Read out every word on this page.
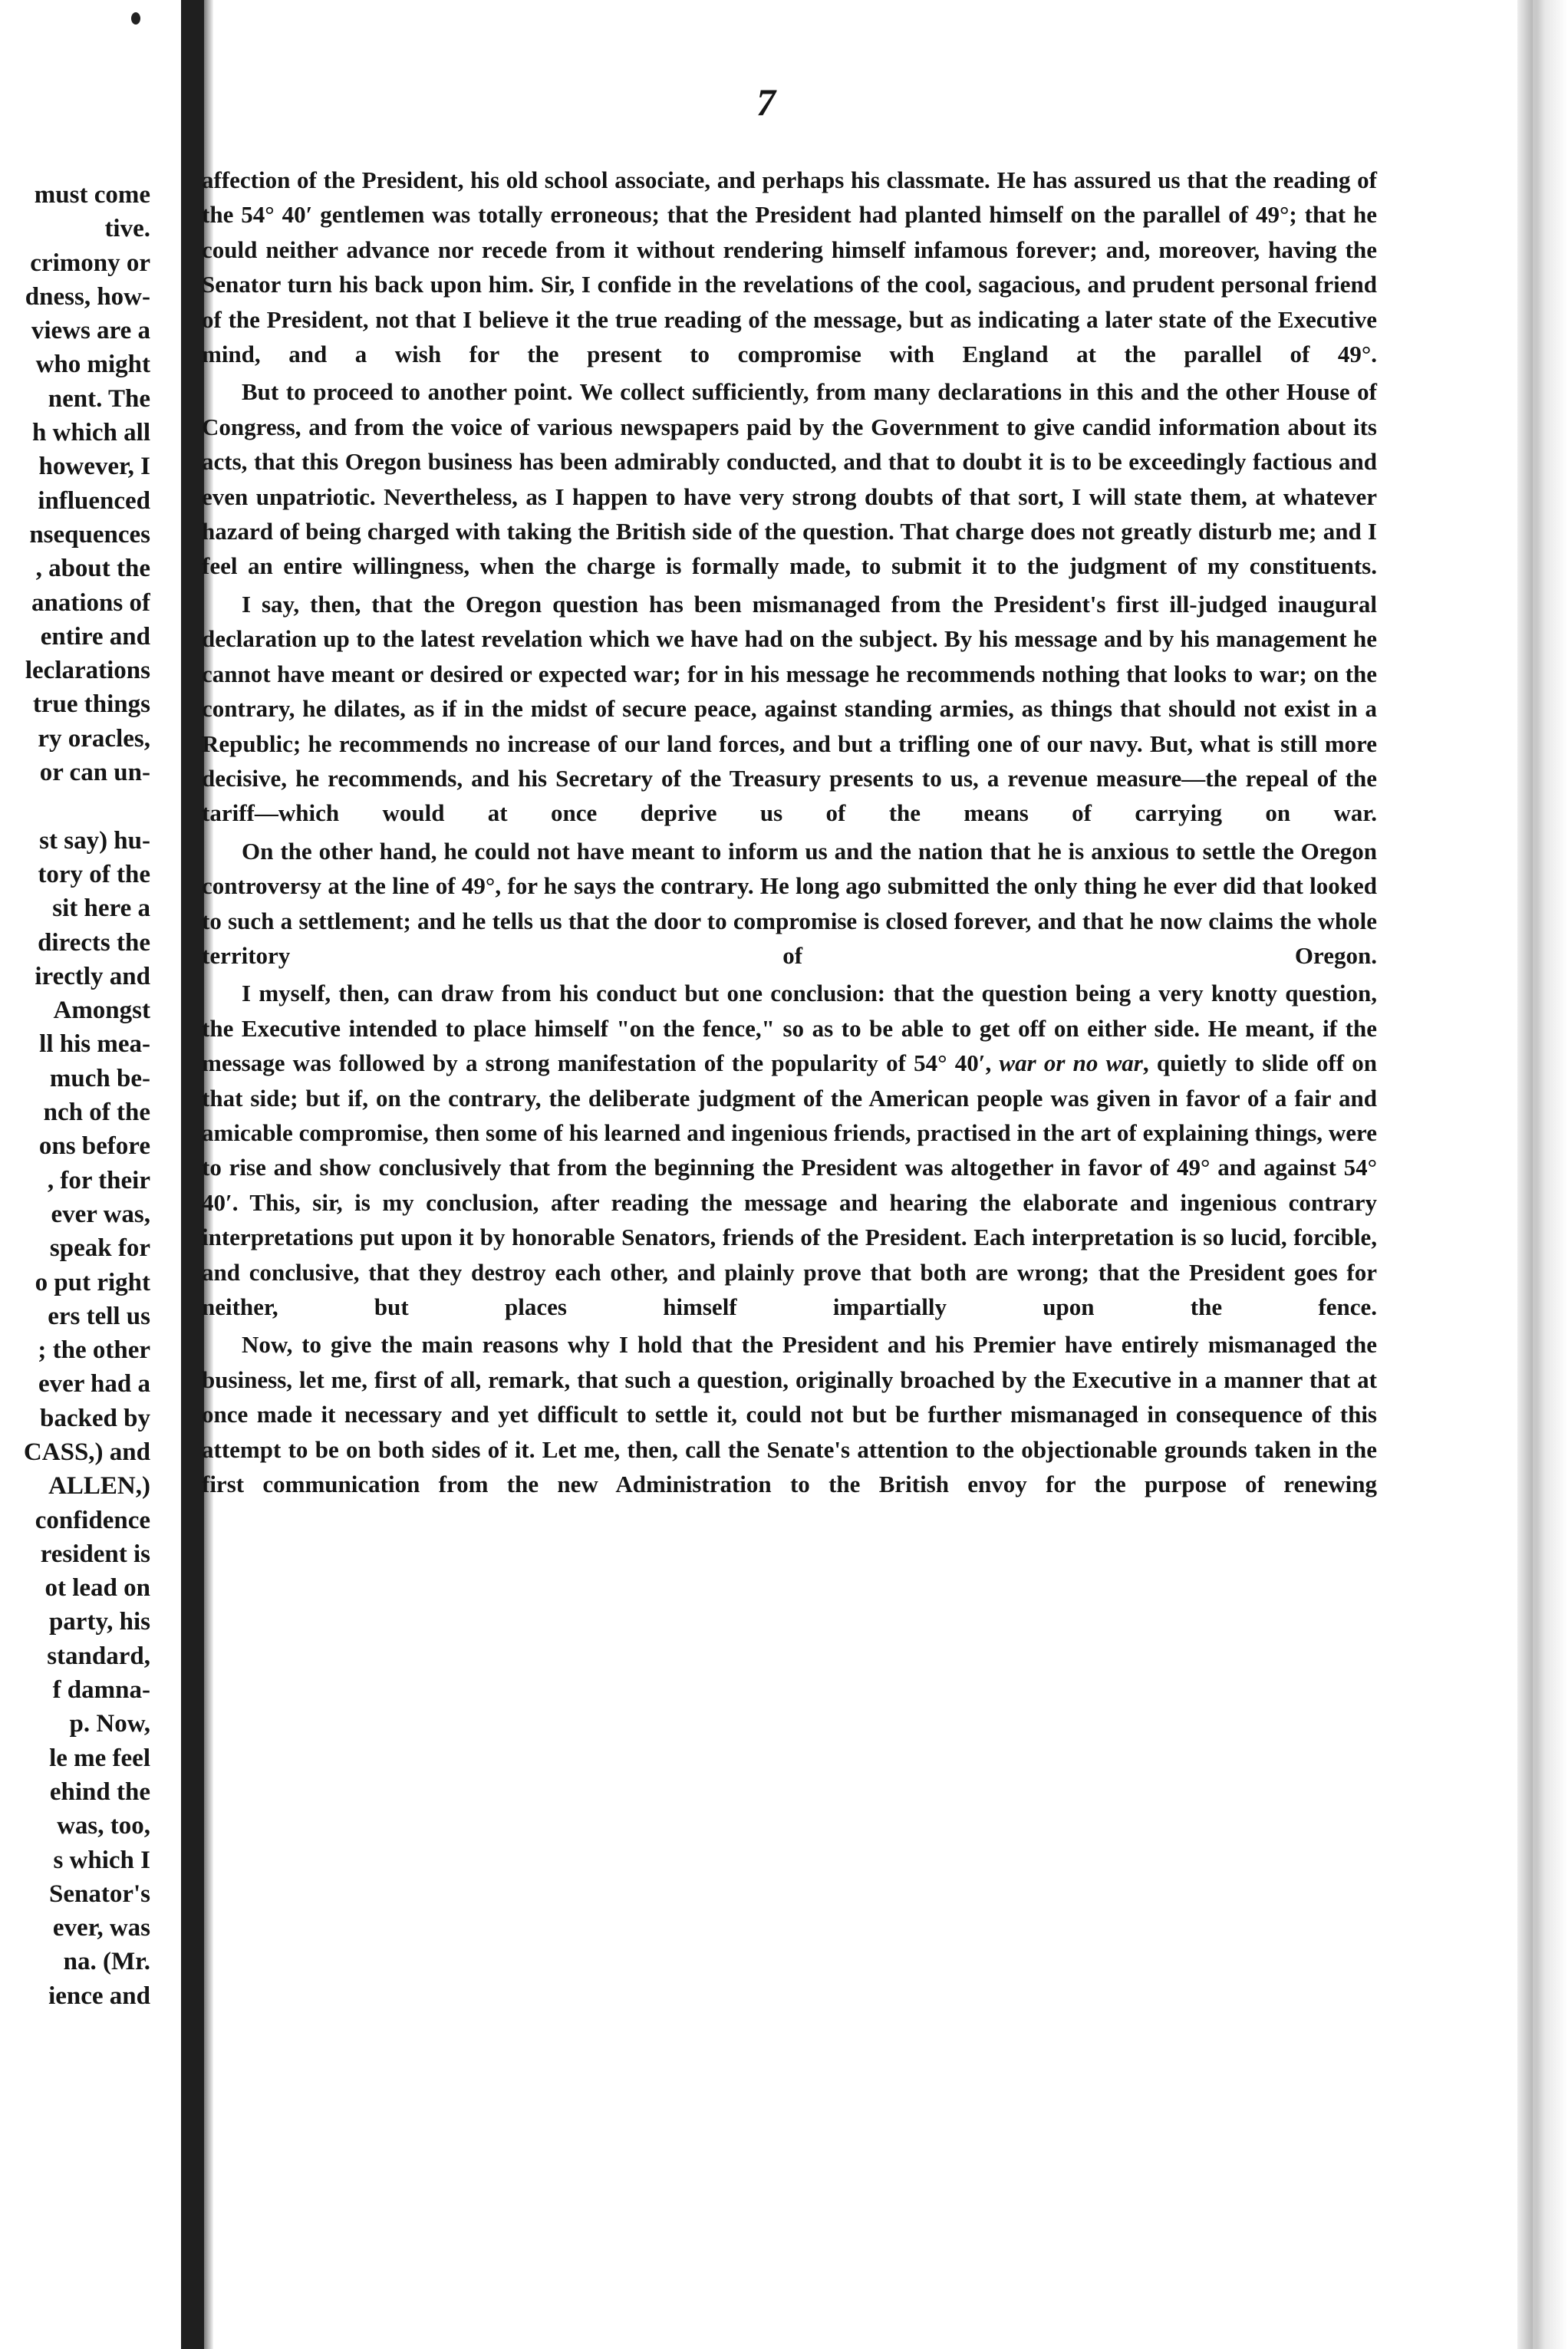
must come
tive.
crimony or
dness, how-
views are a
who might
nent. The
h which all
however, I
influenced
nsequences
, about the
anations of
entire and
leclarations
true things
ry oracles,
or can un-
st say) hu-
tory of the
sit here a
directs the
irectly and
Amongst
ll his mea-
much be-
nch of the
ons before
, for their
ever was,
speak for
o put right
ers tell us
; the other
ever had a
backed by
CASS,) and
ALLEN,)
confidence
resident is
ot lead on
party, his
standard,
f damna-
p. Now,
le me feel
ehind the
was, too,
s which I
Senator's
ever, was
na. (Mr.
ience and
7

affection of the President, his old school associate, and perhaps his classmate. He has assured us that the reading of the 54° 40′ gentlemen was totally erroneous; that the President had planted himself on the parallel of 49°; that he could neither advance nor recede from it without rendering himself infamous forever; and, moreover, having the Senator turn his back upon him. Sir, I confide in the revelations of the cool, sagacious, and prudent personal friend of the President, not that I believe it the true reading of the message, but as indicating a later state of the Executive mind, and a wish for the present to compromise with England at the parallel of 49°.

But to proceed to another point. We collect sufficiently, from many declarations in this and the other House of Congress, and from the voice of various newspapers paid by the Government to give candid information about its acts, that this Oregon business has been admirably conducted, and that to doubt it is to be exceedingly factious and even unpatriotic. Nevertheless, as I happen to have very strong doubts of that sort, I will state them, at whatever hazard of being charged with taking the British side of the question. That charge does not greatly disturb me; and I feel an entire willingness, when the charge is formally made, to submit it to the judgment of my constituents.

I say, then, that the Oregon question has been mismanaged from the President's first ill-judged inaugural declaration up to the latest revelation which we have had on the subject. By his message and by his management he cannot have meant or desired or expected war; for in his message he recommends nothing that looks to war; on the contrary, he dilates, as if in the midst of secure peace, against standing armies, as things that should not exist in a Republic; he recommends no increase of our land forces, and but a trifling one of our navy. But, what is still more decisive, he recommends, and his Secretary of the Treasury presents to us, a revenue measure—the repeal of the tariff—which would at once deprive us of the means of carrying on war.

On the other hand, he could not have meant to inform us and the nation that he is anxious to settle the Oregon controversy at the line of 49°, for he says the contrary. He long ago submitted the only thing he ever did that looked to such a settlement; and he tells us that the door to compromise is closed forever, and that he now claims the whole territory of Oregon.

I myself, then, can draw from his conduct but one conclusion: that the question being a very knotty question, the Executive intended to place himself "on the fence," so as to be able to get off on either side. He meant, if the message was followed by a strong manifestation of the popularity of 54° 40′, war or no war, quietly to slide off on that side; but if, on the contrary, the deliberate judgment of the American people was given in favor of a fair and amicable compromise, then some of his learned and ingenious friends, practised in the art of explaining things, were to rise and show conclusively that from the beginning the President was altogether in favor of 49° and against 54° 40′. This, sir, is my conclusion, after reading the message and hearing the elaborate and ingenious contrary interpretations put upon it by honorable Senators, friends of the President. Each interpretation is so lucid, forcible, and conclusive, that they destroy each other, and plainly prove that both are wrong; that the President goes for neither, but places himself impartially upon the fence.

Now, to give the main reasons why I hold that the President and his Premier have entirely mismanaged the business, let me, first of all, remark, that such a question, originally broached by the Executive in a manner that at once made it necessary and yet difficult to settle it, could not but be further mismanaged in consequence of this attempt to be on both sides of it. Let me, then, call the Senate's attention to the objectionable grounds taken in the first communication from the new Administration to the British envoy for the purpose of renewing
